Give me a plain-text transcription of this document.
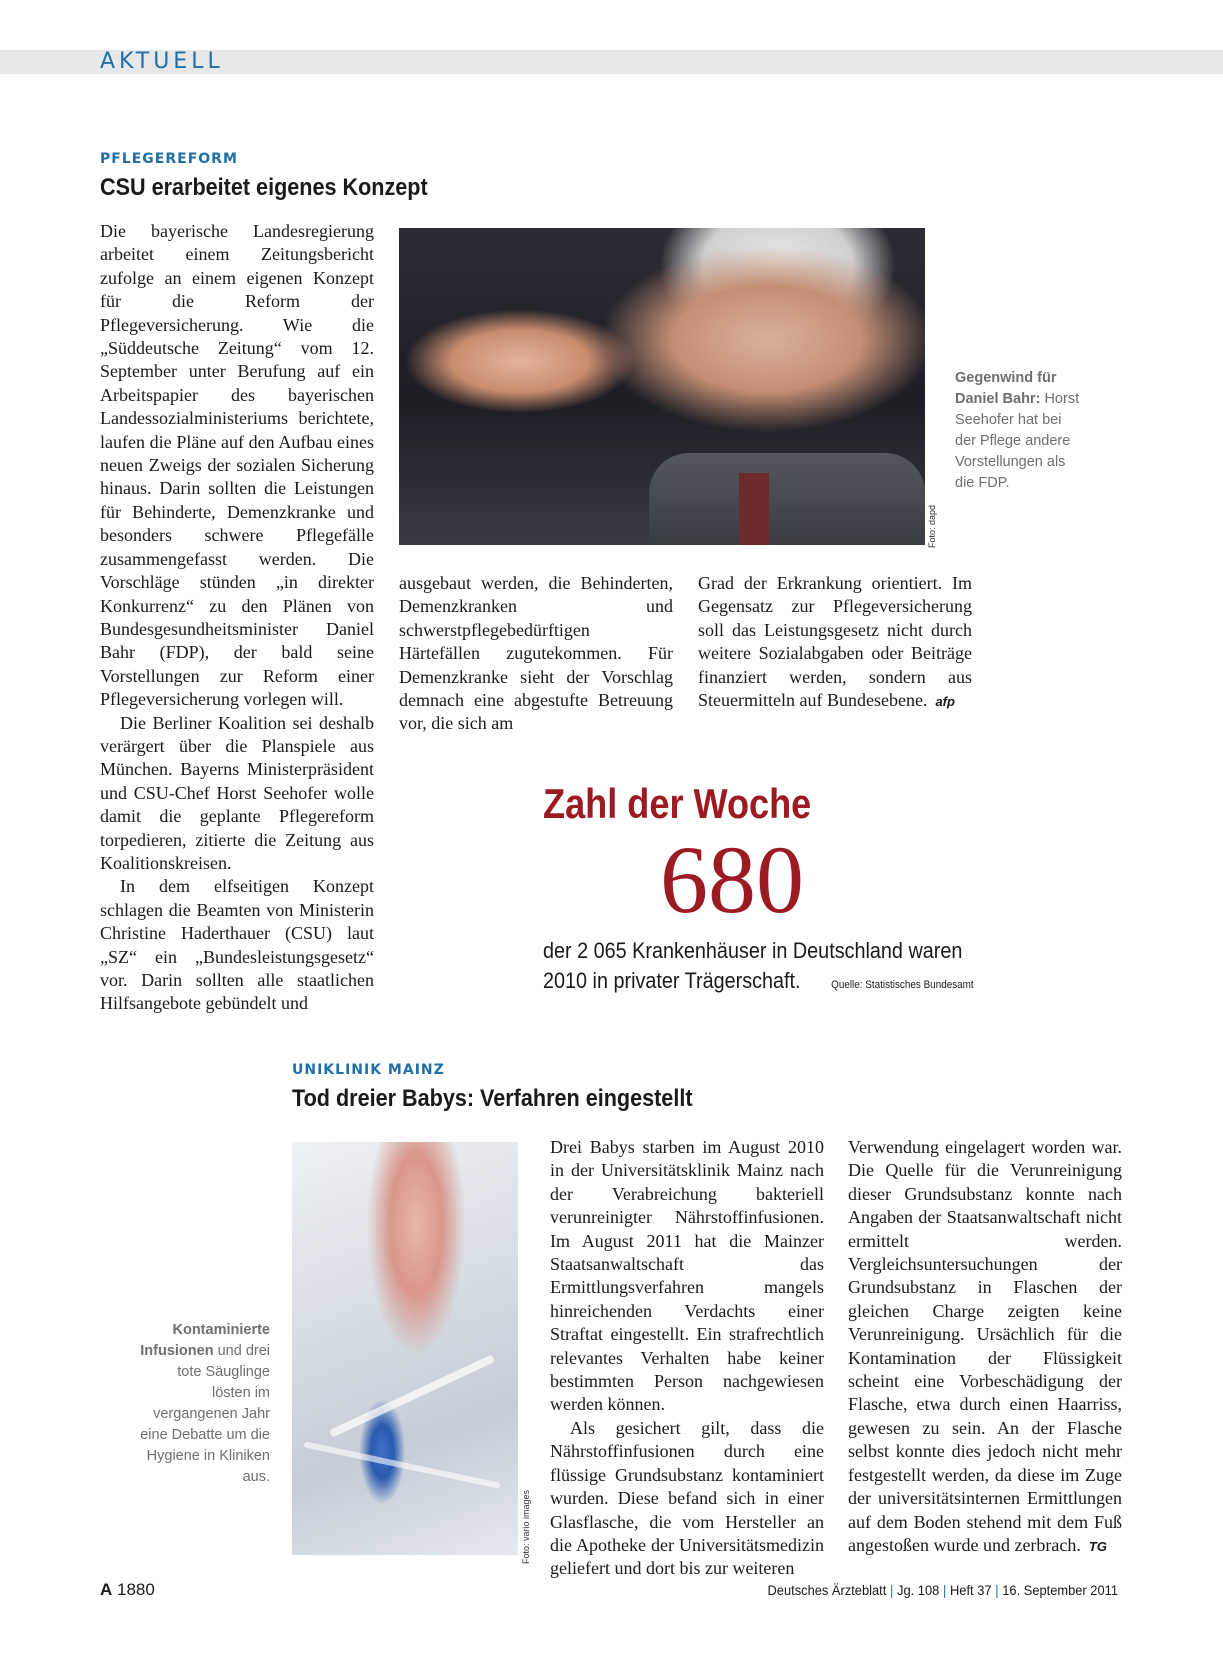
AKTUELL
PFLEGEREFORM
CSU erarbeitet eigenes Konzept

Die bayerische Landesregierung arbeitet einem Zeitungsbericht zufolge an einem eigenen Konzept für die Reform der Pflegeversicherung. Wie die „Süddeutsche Zeitung“ vom 12. September unter Berufung auf ein Arbeitspapier des bayerischen Landessozialministeriums berichtete, laufen die Pläne auf den Aufbau eines neuen Zweigs der sozialen Sicherung hinaus. Darin sollten die Leistungen für Behinderte, Demenzkranke und besonders schwere Pflegefälle zusammengefasst werden. Die Vorschläge stünden „in direkter Konkurrenz“ zu den Plänen von Bundesgesundheitsminister Daniel Bahr (FDP), der bald seine Vorstellungen zur Reform einer Pflegeversicherung vorlegen will.

Die Berliner Koalition sei deshalb verärgert über die Planspiele aus München. Bayerns Ministerpräsident und CSU-Chef Horst Seehofer wolle damit die geplante Pflegereform torpedieren, zitierte die Zeitung aus Koalitionskreisen.

In dem elfseitigen Konzept schlagen die Beamten von Ministerin Christine Haderthauer (CSU) laut „SZ“ ein „Bundesleistungsgesetz“ vor. Darin sollten alle staatlichen Hilfsangebote gebündelt und

Foto: dapd
Gegenwind für Daniel Bahr: Horst Seehofer hat bei der Pflege andere Vorstellungen als die FDP.

ausgebaut werden, die Behinderten, Demenzkranken und schwerstpflegebedürftigen Härtefällen zugutekommen. Für Demenzkranke sieht der Vorschlag demnach eine abgestufte Betreuung vor, die sich am

Grad der Erkrankung orientiert. Im Gegensatz zur Pflegeversicherung soll das Leistungsgesetz nicht durch weitere Sozialabgaben oder Beiträge finanziert werden, sondern aus Steuermitteln auf Bundesebene. afp

Zahl der Woche
680
der 2 065 Krankenhäuser in Deutschland waren
2010 in privater Trägerschaft.	Quelle: Statistisches Bundesamt
UNIKLINIK MAINZ
Tod dreier Babys: Verfahren eingestellt
Kontaminierte Infusionen und drei tote Säuglinge lösten im vergangenen Jahr eine Debatte um die Hygiene in Kliniken aus.
Foto: vario images

Drei Babys starben im August 2010 in der Universitätsklinik Mainz nach der Verabreichung bakteriell verunreinigter Nährstoffinfusionen. Im August 2011 hat die Mainzer Staatsanwaltschaft das Ermittlungsverfahren mangels hinreichenden Verdachts einer Straftat eingestellt. Ein strafrechtlich relevantes Verhalten habe keiner bestimmten Person nachgewiesen werden können.

Als gesichert gilt, dass die Nährstoffinfusionen durch eine flüssige Grundsubstanz kontaminiert wurden. Diese befand sich in einer Glasflasche, die vom Hersteller an die Apotheke der Universitätsmedizin geliefert und dort bis zur weiteren

Verwendung eingelagert worden war. Die Quelle für die Verunreinigung dieser Grundsubstanz konnte nach Angaben der Staatsanwaltschaft nicht ermittelt werden. Vergleichsuntersuchungen der Grundsubstanz in Flaschen der gleichen Charge zeigten keine Verunreinigung. Ursächlich für die Kontamination der Flüssigkeit scheint eine Vorbeschädigung der Flasche, etwa durch einen Haarriss, gewesen zu sein. An der Flasche selbst konnte dies jedoch nicht mehr festgestellt werden, da diese im Zuge der universitätsinternen Ermittlungen auf dem Boden stehend mit dem Fuß angestoßen wurde und zerbrach. TG

A 1880	Deutsches Ärzteblatt | Jg. 108 | Heft 37 | 16. September 2011
